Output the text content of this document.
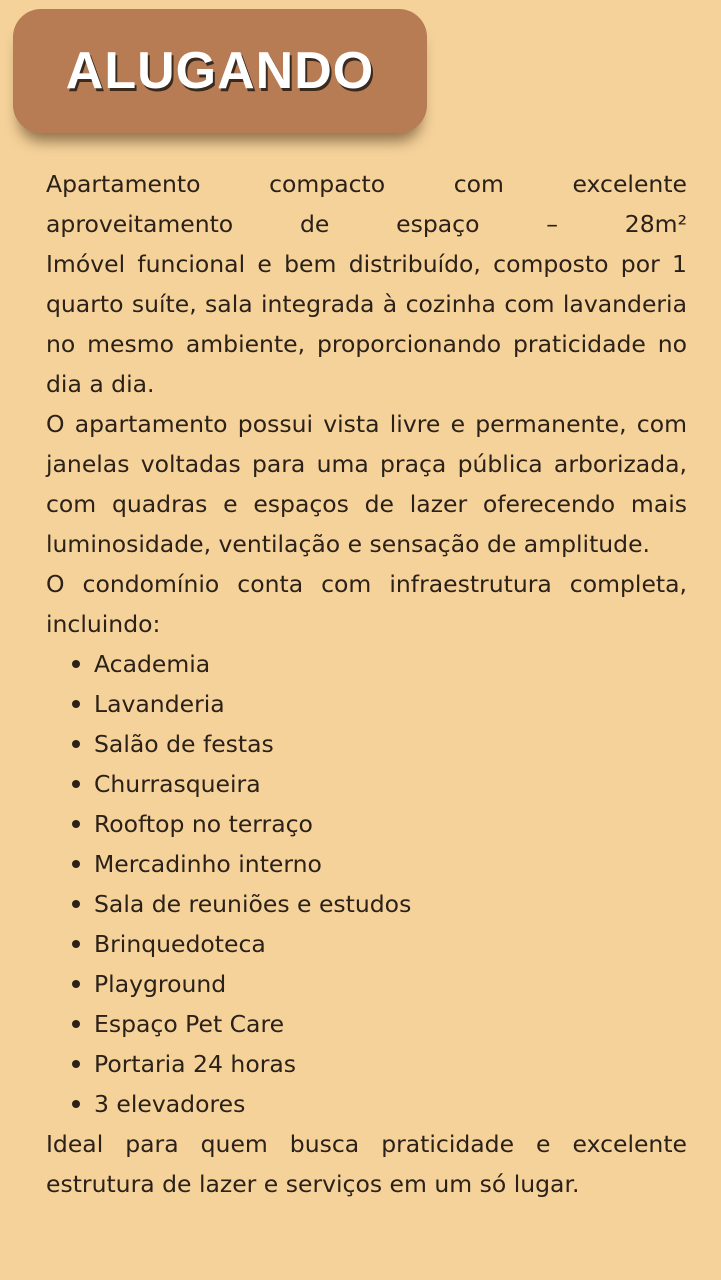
ALUGANDO

Apartamento compacto com excelente aproveitamento de espaço – 28m²

Imóvel funcional e bem distribuído, composto por 1 quarto suíte, sala integrada à cozinha com lavanderia no mesmo ambiente, proporcionando praticidade no dia a dia.

O apartamento possui vista livre e permanente, com janelas voltadas para uma praça pública arborizada, com quadras e espaços de lazer oferecendo mais luminosidade, ventilação e sensação de amplitude.

O condomínio conta com infraestrutura completa, incluindo:

Academia
Lavanderia
Salão de festas
Churrasqueira
Rooftop no terraço
Mercadinho interno
Sala de reuniões e estudos
Brinquedoteca
Playground
Espaço Pet Care
Portaria 24 horas
3 elevadores

Ideal para quem busca praticidade e excelente estrutura de lazer e serviços em um só lugar.
